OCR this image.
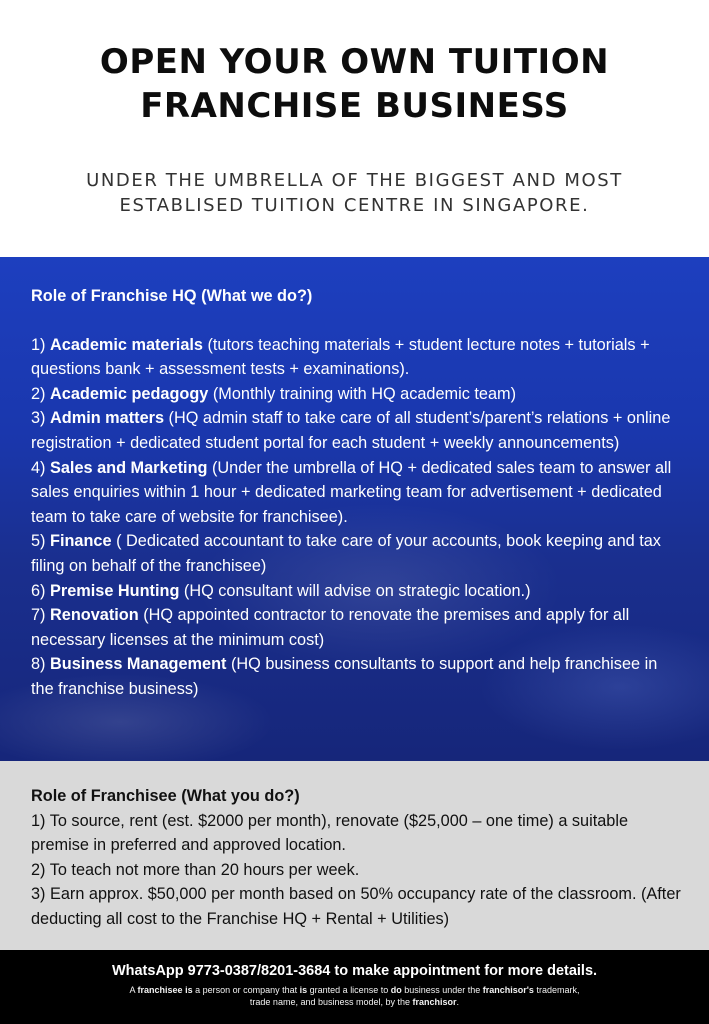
OPEN YOUR OWN TUITION
FRANCHISE BUSINESS

UNDER THE UMBRELLA OF THE BIGGEST AND MOST
ESTABLISED TUITION CENTRE IN SINGAPORE.

Role of Franchise HQ (What we do?)

1) Academic materials (tutors teaching materials + student lecture notes + tutorials + questions bank + assessment tests + examinations).

2) Academic pedagogy (Monthly training with HQ academic team)

3) Admin matters (HQ admin staff to take care of all student’s/parent’s relations + online registration + dedicated student portal for each student + weekly announcements)

4) Sales and Marketing (Under the umbrella of HQ + dedicated sales team to answer all sales enquiries within 1 hour + dedicated marketing team for advertisement + dedicated team to take care of website for franchisee).

5) Finance ( Dedicated accountant to take care of your accounts, book keeping and tax filing on behalf of the franchisee)

6) Premise Hunting (HQ consultant will advise on strategic location.)

7) Renovation (HQ appointed contractor to renovate the premises and apply for all necessary licenses at the minimum cost)

8) Business Management (HQ business consultants to support and help franchisee in the franchise business)

Role of Franchisee (What you do?)

1) To source, rent (est. $2000 per month), renovate ($25,000 – one time) a suitable premise in preferred and approved location.

2) To teach not more than 20 hours per week.

3) Earn approx. $50,000 per month based on 50% occupancy rate of the classroom. (After deducting all cost to the Franchise HQ + Rental + Utilities)

WhatsApp 9773-0387/8201-3684 to make appointment for more details.

A franchisee is a person or company that is granted a license to do business under the franchisor's trademark,
trade name, and business model, by the franchisor.
